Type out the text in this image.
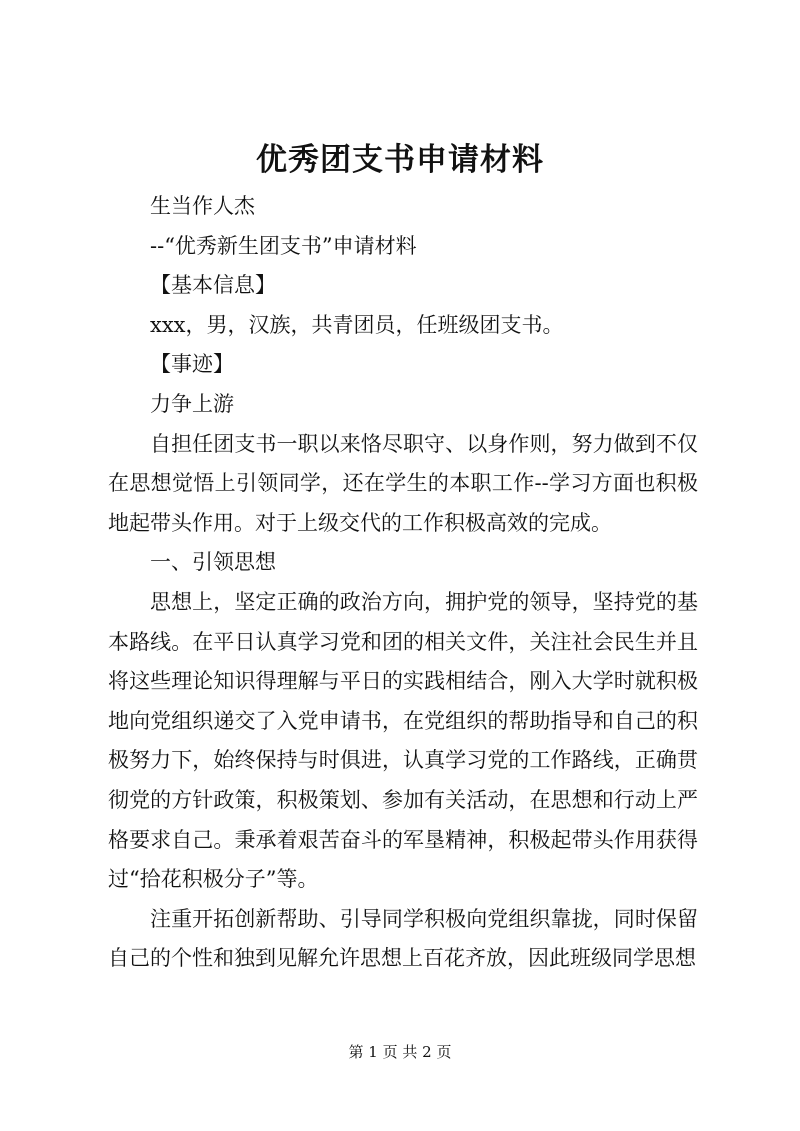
优秀团支书申请材料

生当作人杰

--“优秀新生团支书”申请材料

【基本信息】

xxx，男，汉族，共青团员，任班级团支书。

【事迹】

力争上游

自担任团支书一职以来恪尽职守、以身作则，努力做到不仅在思想觉悟上引领同学，还在学生的本职工作--学习方面也积极地起带头作用。对于上级交代的工作积极高效的完成。

一、引领思想

思想上，坚定正确的政治方向，拥护党的领导，坚持党的基本路线。在平日认真学习党和团的相关文件，关注社会民生并且将这些理论知识得理解与平日的实践相结合，刚入大学时就积极地向党组织递交了入党申请书，在党组织的帮助指导和自己的积极努力下，始终保持与时俱进，认真学习党的工作路线，正确贯彻党的方针政策，积极策划、参加有关活动，在思想和行动上严格要求自己。秉承着艰苦奋斗的军垦精神，积极起带头作用获得过“拾花积极分子”等。

注重开拓创新帮助、引导同学积极向党组织靠拢，同时保留自己的个性和独到见解允许思想上百花齐放，因此班级同学思想

第 1 页 共 2 页
